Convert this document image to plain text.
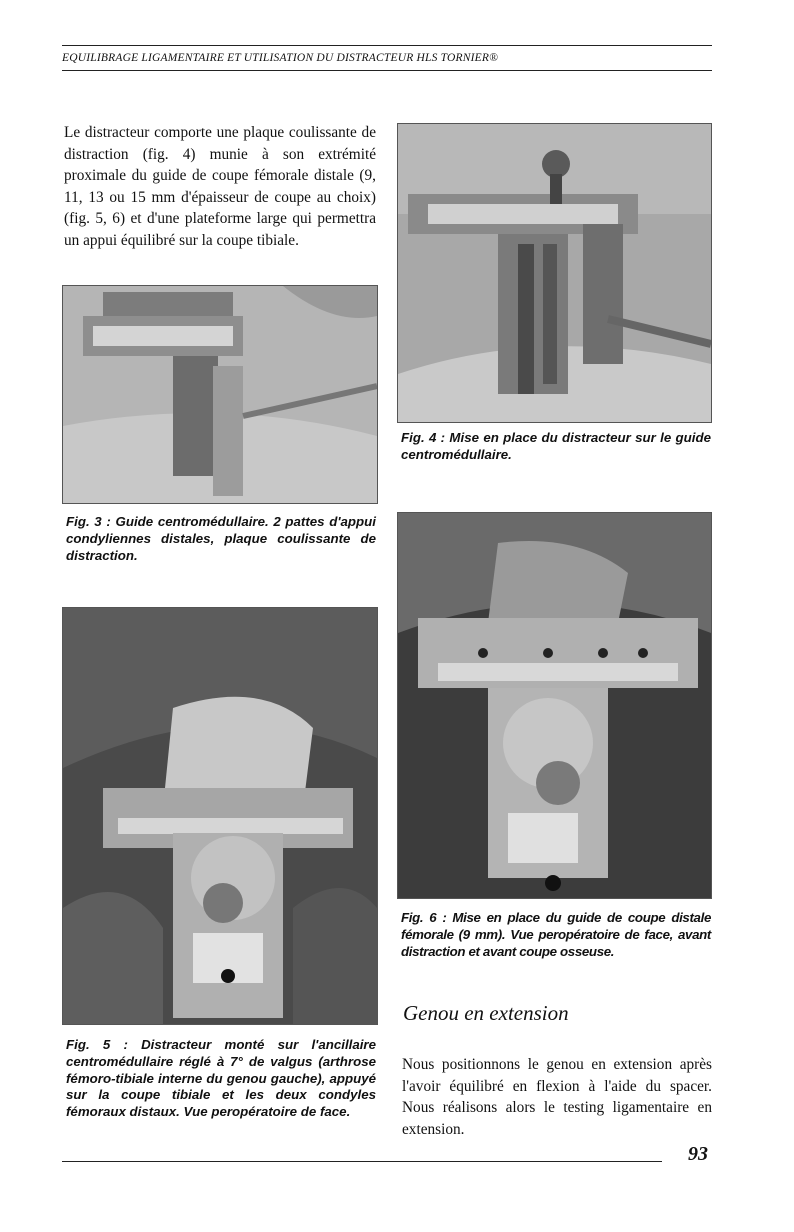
EQUILIBRAGE LIGAMENTAIRE ET UTILISATION DU DISTRACTEUR HLS TORNIER®
Le distracteur comporte une plaque coulissante de distraction (fig. 4) munie à son extrémité proximale du guide de coupe fémorale distale (9, 11, 13 ou 15 mm d'épaisseur de coupe au choix) (fig. 5, 6) et d'une plateforme large qui permettra un appui équilibré sur la coupe tibiale.
Fig. 4 : Mise en place du distracteur sur le guide centromédullaire.
Fig. 3 : Guide centromédullaire. 2 pattes d'appui condyliennes distales, plaque coulissante de distraction.
Fig. 6 : Mise en place du guide de coupe distale fémorale (9 mm). Vue peropératoire de face, avant distraction et avant coupe osseuse.
Fig. 5 : Distracteur monté sur l'ancillaire centromédullaire réglé à 7° de valgus (arthrose fémoro-tibiale interne du genou gauche), appuyé sur la coupe tibiale et les deux condyles fémoraux distaux. Vue peropératoire de face.
Genou en extension
Nous positionnons le genou en extension après l'avoir équilibré en flexion à l'aide du spacer. Nous réalisons alors le testing ligamentaire en extension.
93
